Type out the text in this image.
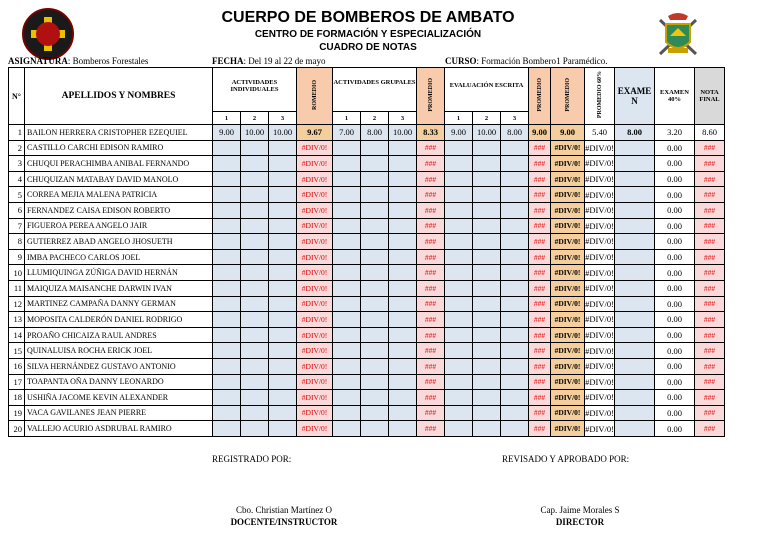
CUERPO DE BOMBEROS DE AMBATO
CENTRO DE FORMACIÓN Y ESPECIALIZACIÓN
CUADRO DE NOTAS
ASIGNATURA: Bomberos Forestales	FECHA: Del 19 al 22 de mayo	CURSO: Formación Bombero1 Paramédico.
N°	APELLIDOS Y NOMBRES	ACTIVIDADES INDIVIDUALES			ROMEDIO	ACTIVIDADES GRUPALES			PROMEDIO	EVALUACIÓN ESCRITA			PROMEDIO	PROMEDIO	PROMEDIO 60%	EXAMEN	EXAMEN 40%	NOTA FINAL
		1	2	3		1	2	3		1	2	3						
1	BAILON HERRERA CRISTOPHER EZEQUIEL	9.00	10.00	10.00	9.67	7.00	8.00	10.00	8.33	9.00	10.00	8.00	9.00	9.00	5.40	8.00	3.20	8.60
2	CASTILLO CARCHI EDISON RAMIRO				#DIV/0!				###				###	#DIV/0!	#DIV/0!		0.00	###
3	CHUQUI PERACHIMBA ANIBAL FERNANDO				#DIV/0!				###				###	#DIV/0!	#DIV/0!		0.00	###
4	CHUQUIZAN MATABAY DAVID MANOLO				#DIV/0!				###				###	#DIV/0!	#DIV/0!		0.00	###
5	CORREA MEJIA MALENA PATRICIA				#DIV/0!				###				###	#DIV/0!	#DIV/0!		0.00	###
6	FERNANDEZ CAISA EDISON ROBERTO				#DIV/0!				###				###	#DIV/0!	#DIV/0!		0.00	###
7	FIGUEROA PEREA ANGELO JAIR				#DIV/0!				###				###	#DIV/0!	#DIV/0!		0.00	###
8	GUTIERREZ ABAD ANGELO JHOSUETH				#DIV/0!				###				###	#DIV/0!	#DIV/0!		0.00	###
9	IMBA PACHECO CARLOS JOEL				#DIV/0!				###				###	#DIV/0!	#DIV/0!		0.00	###
10	LLUMIQUINGA ZÚÑIGA DAVID HERNÁN				#DIV/0!				###				###	#DIV/0!	#DIV/0!		0.00	###
11	MAIQUIZA MAISANCHE DARWIN IVAN				#DIV/0!				###				###	#DIV/0!	#DIV/0!		0.00	###
12	MARTINEZ CAMPAÑA DANNY GERMAN				#DIV/0!				###				###	#DIV/0!	#DIV/0!		0.00	###
13	MOPOSITA CALDERÓN DANIEL RODRIGO				#DIV/0!				###				###	#DIV/0!	#DIV/0!		0.00	###
14	PROAÑO CHICAIZA RAUL ANDRES				#DIV/0!				###				###	#DIV/0!	#DIV/0!		0.00	###
15	QUINALUISA ROCHA ERICK JOEL				#DIV/0!				###				###	#DIV/0!	#DIV/0!		0.00	###
16	SILVA HERNÁNDEZ GUSTAVO ANTONIO				#DIV/0!				###				###	#DIV/0!	#DIV/0!		0.00	###
17	TOAPANTA OÑA DANNY LEONARDO				#DIV/0!				###				###	#DIV/0!	#DIV/0!		0.00	###
18	USHIÑA JACOME KEVIN ALEXANDER				#DIV/0!				###				###	#DIV/0!	#DIV/0!		0.00	###
19	VACA GAVILANES JEAN PIERRE				#DIV/0!				###				###	#DIV/0!	#DIV/0!		0.00	###
20	VALLEJO ACURIO ASDRUBAL RAMIRO				#DIV/0!				###				###	#DIV/0!	#DIV/0!		0.00	###
REGISTRADO POR:	REVISADO Y APROBADO POR:
Cbo. Christian Martínez O
DOCENTE/INSTRUCTOR
Cap. Jaime Morales S
DIRECTOR
